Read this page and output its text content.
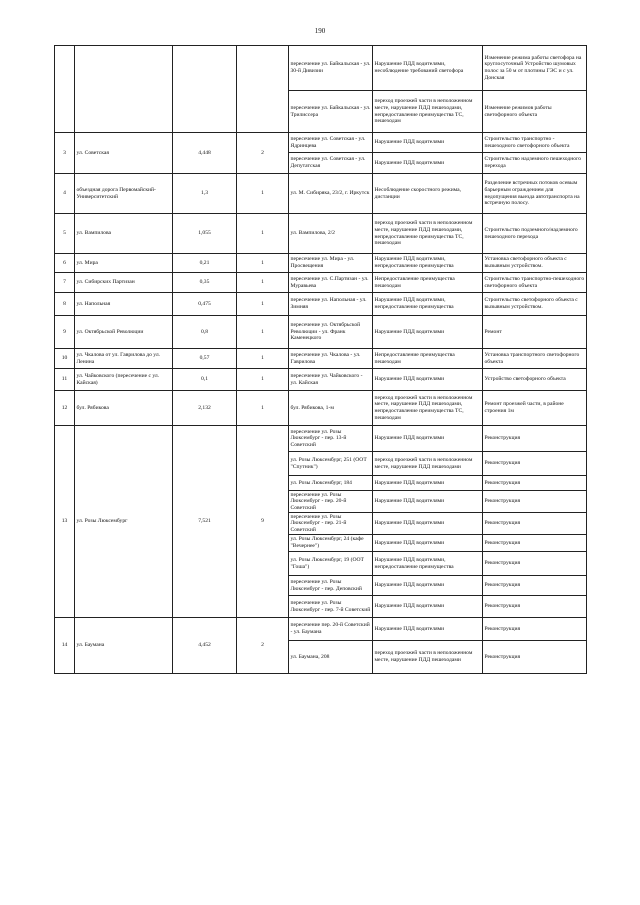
190

				пересечение ул. Байкальская - ул. 30-й Дивизии	Нарушение ПДД водителями, несоблюдение требований светофора	Изменение режима работы светофора на круглосуточный Устройство шумовых полос за 50 м от плотины ГЭС и с ул. Донская

				пересечение ул. Байкальская - ул. Трилиссера	переход проезжей части в неположенном месте, нарушение ПДД пешеходами, непредоставление преимущества ТС, пешеходам	Изменение режимов работы светофорного объекта

3	ул. Советская	4,448	2	пересечение ул. Советская - ул. Ядринцева	Нарушение ПДД водителями	Строительство транспортно - пешеходного светофорного объекта

				пересечение ул. Советская - ул. Депутатская	Нарушение ПДД водителями	Строительство надземного пешеходного перехода

4	объездная дорога Первомайский-Университетский	1,3	1	ул. М. Сибиряка, 23/2, г. Иркутск	Несоблюдение скоростного режима, дистанции	Разделение встречных потоков осевым барьерным ограждением для недопущения выезда автотранспорта на встречную полосу.

5	ул. Вампилова	1,055	1	ул. Вампилова, 2/2	переход проезжей части в неположенном месте, нарушение ПДД пешеходами, непредоставление преимущества ТС, пешеходам	Строительство подземного/надземного пешеходного перехода

6	ул. Мира	0,21	1	пересечение ул. Мира - ул. Просвещения	Нарушение ПДД водителями, непредоставление преимущества	Установка светофорного объекта с вызывным устройством.

7	ул. Сибирских Партизан	0,35	1	пересечение ул. С.Партизан - ул. Муравьева	Непредоставление преимущества пешеходам	Строительство транспортно-пешеходного светофорного объекта

8	ул. Напольная	0,475	1	пересечение ул. Напольная - ул. Зимняя	Нарушение ПДД водителями, непредоставление преимущества	Строительство светофорного объекта с вызывным устройством.

9	ул. Октябрьской Революции	0,8	1	пересечение ул. Октябрьской Революции - ул. Франк Каменецкого	Нарушение ПДД водителями	Ремонт

10	ул. Чкалова от ул. Гаврилова до ул. Ленина	0,57	1	пересечение ул. Чкалова - ул. Гаврилова	Непредоставление преимущества пешеходам	Установка транспортного светофорного объекта

11	ул. Чайковского (пересечение с ул. Кайская)	0,1	1	пересечение ул. Чайковского - ул. Кайская	Нарушение ПДД водителями	Устройство светофорного объекта

12	бул. Рябикова	2,132	1	бул. Рябикова, 1-м	переход проезжей части в неположенном месте, нарушение ПДД пешеходами, непредоставление преимущества ТС, пешеходам	Ремонт проезжей части, в районе строения 1м

13	ул. Розы Люксембург	7,521	9	пересечение ул. Розы Люксембург - пер. 13-й Советский	Нарушение ПДД водителями	Реконструкция

				ул. Розы Люксембург, 251 (ООТ "Спутник")	переход проезжей части в неположенном месте, нарушение ПДД пешеходами	Реконструкция

				ул. Розы Люксембург, 184	Нарушение ПДД водителями	Реконструкция

				пересечение ул. Розы Люксембург - пер. 20-й Советский	Нарушение ПДД водителями	Реконструкция

				пересечение ул. Розы Люксембург - пер. 21-й Советский	Нарушение ПДД водителями	Реконструкция

				ул. Розы Люксембург, 24 (кафе "Вечернее")	Нарушение ПДД водителями	Реконструкция

				ул. Розы Люксембург, 19 (ООТ "Гоша")	Нарушение ПДД водителями, непредоставление преимущества	Реконструкция

				пересечение ул. Розы Люксембург - пер. Деповский	Нарушение ПДД водителями	Реконструкция

				пересечение ул. Розы Люксембург - пер. 7-й Советский	Нарушение ПДД водителями	Реконструкция

14	ул. Баумана	4,452	2	пересечение пер. 20-й Советский - ул. Баумана	Нарушение ПДД водителями	Реконструкция

				ул. Баумана, 208	переход проезжей части в неположенном месте, нарушение ПДД пешеходами	Реконструкция
